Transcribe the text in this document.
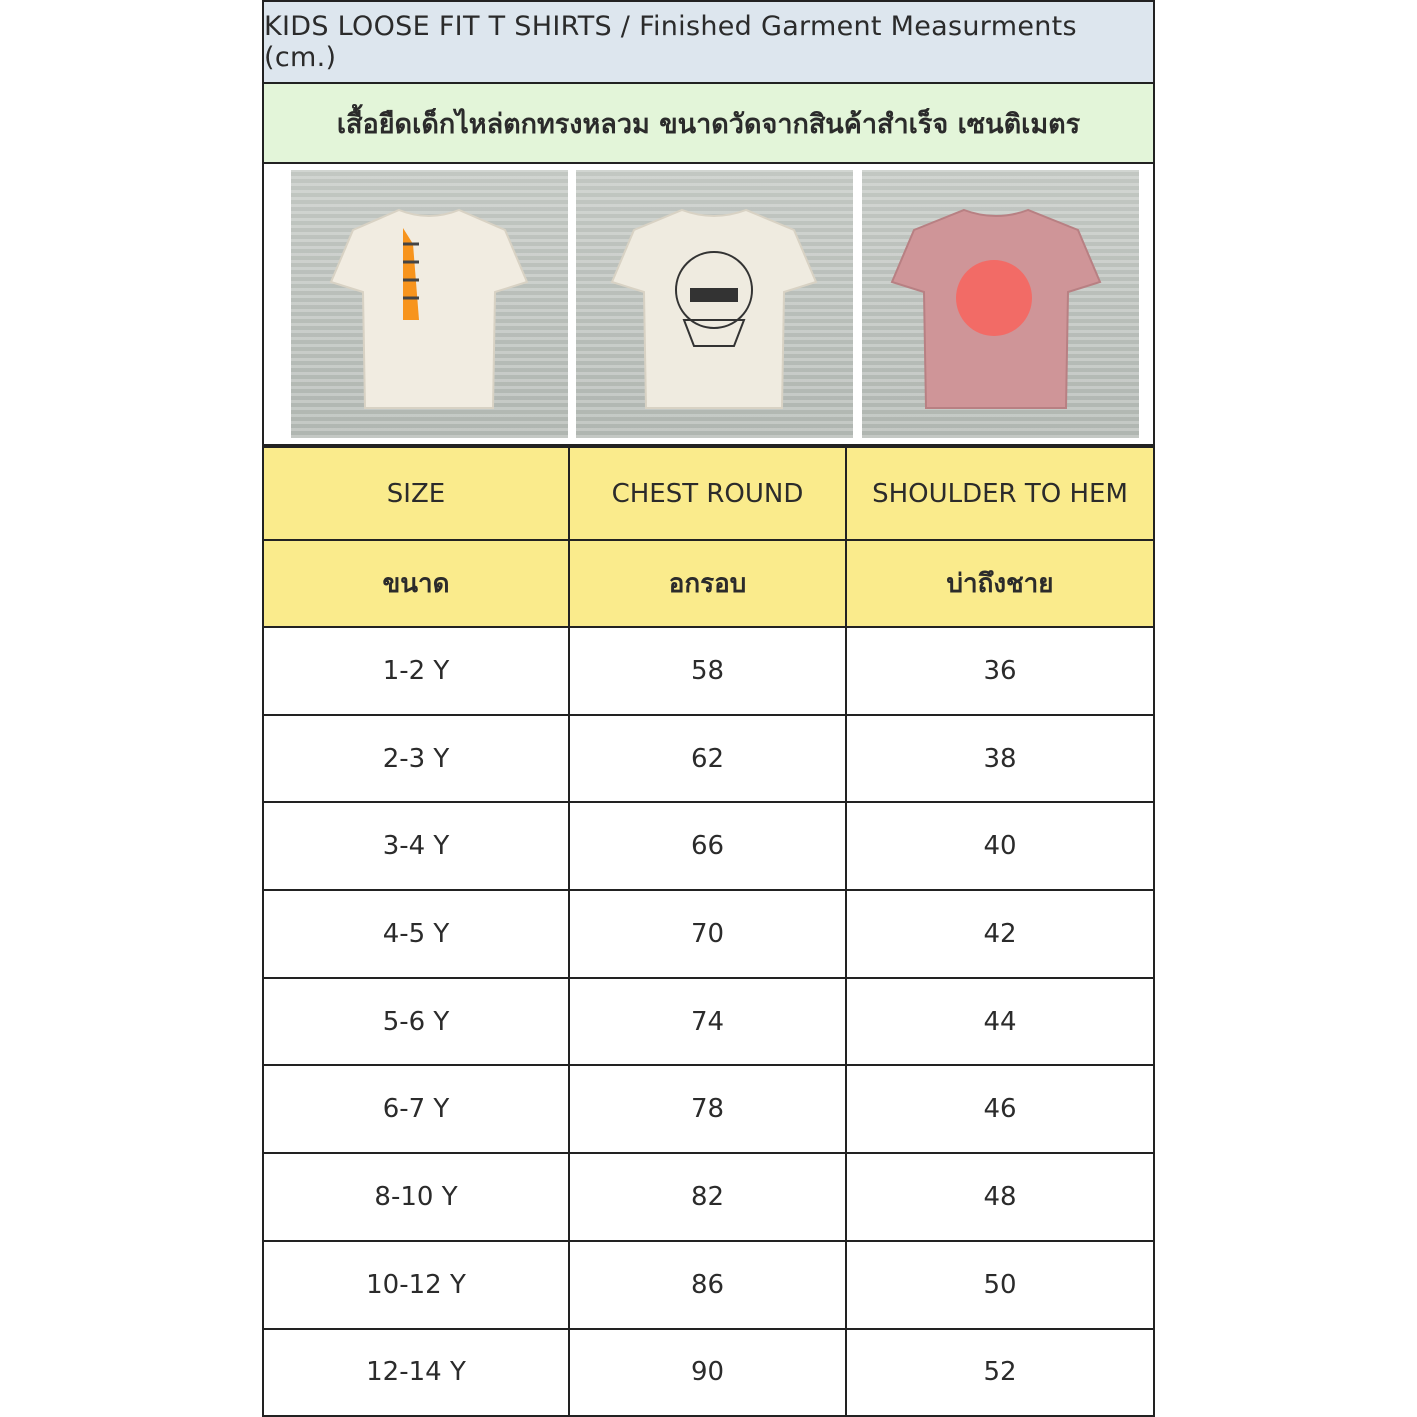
KIDS LOOSE FIT T SHIRTS / Finished Garment Measurments (cm.)
เสื้อยืดเด็กไหล่ตกทรงหลวม ขนาดวัดจากสินค้าสำเร็จ เซนติเมตร
SIZE	CHEST ROUND	SHOULDER TO HEM
ขนาด	อกรอบ	บ่าถึงชาย
1-2 Y	58	36
2-3 Y	62	38
3-4 Y	66	40
4-5 Y	70	42
5-6 Y	74	44
6-7 Y	78	46
8-10 Y	82	48
10-12 Y	86	50
12-14 Y	90	52
